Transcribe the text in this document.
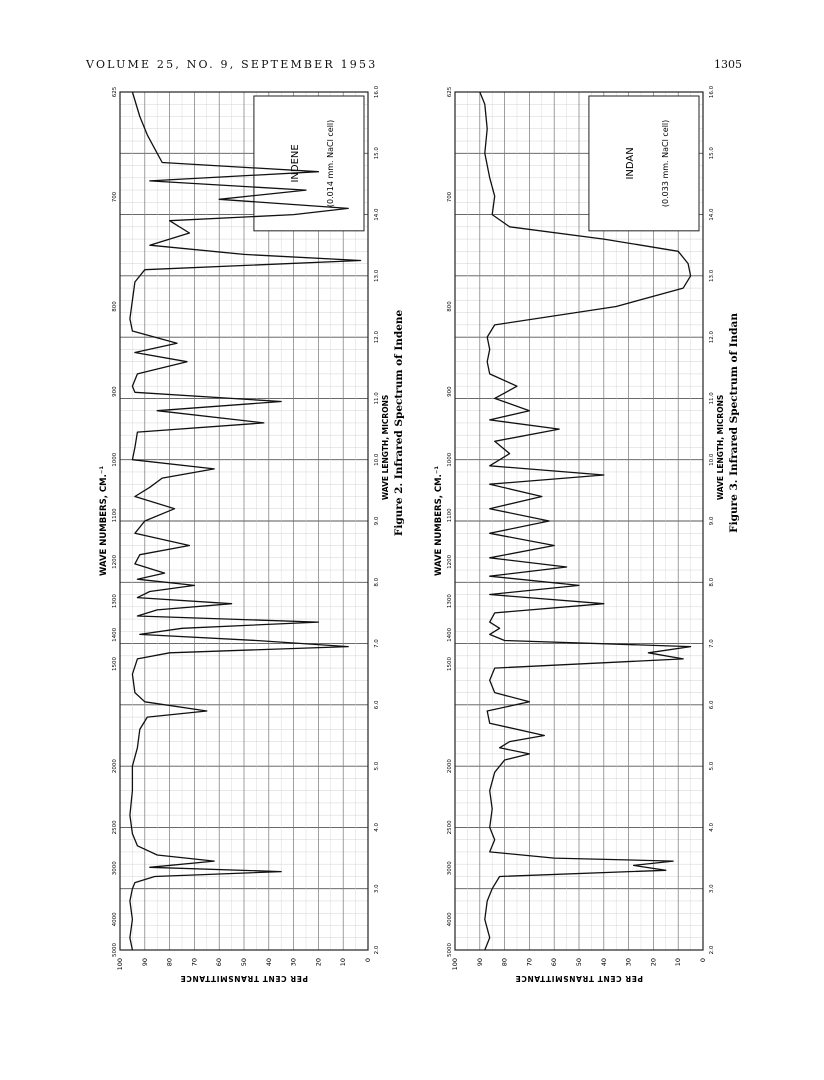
VOLUME 25, NO. 9, SEPTEMBER 1953	1305
100	90	80	70	60	50	40	30	20	10	0
2.0
3.0
4.0
5.0
6.0
7.0
8.0
9.0
10.0
11.0
12.0
13.0
14.0
15.0
16.0
5000
4000
3000
2500
2000
1500
1400
1300
1200
1100
1000
900
800
700
625
PER CENT TRANSMITTANCE
WAVE NUMBERS, CM.⁻¹
WAVE LENGTH, MICRONS Figure 2. Infrared Spectrum of Indene
INDENE	(0.014 mm. NaCl cell)
100	90	80	70	60	50	40	30	20	10	0
2.0
3.0
4.0
5.0
6.0
7.0
8.0
9.0
10.0
11.0
12.0
13.0
14.0
15.0
16.0
5000
4000
3000
2500
2000
1500
1400
1300
1200
1100
1000
900
800
700
625
PER CENT TRANSMITTANCE
WAVE NUMBERS, CM.⁻¹
WAVE LENGTH, MICRONS Figure 3. Infrared Spectrum of Indan
INDAN	(0.033 mm. NaCl cell)
